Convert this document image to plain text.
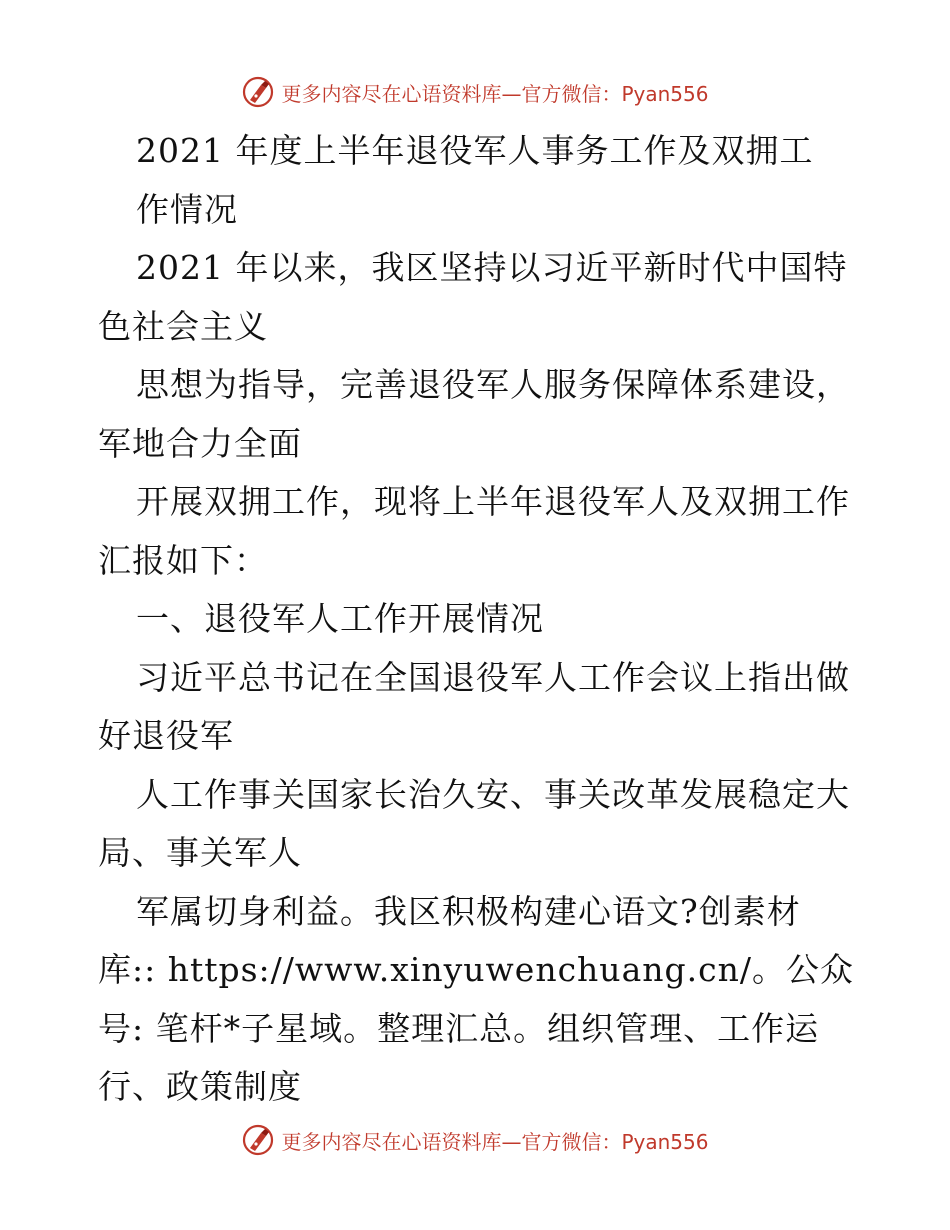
更多内容尽在心语资料库—官方微信：Pyan556
2021 年度上半年退役军人事务工作及双拥工
作情况
2021 年以来，我区坚持以习近平新时代中国特
色社会主义
思想为指导，完善退役军人服务保障体系建设，
军地合力全面
开展双拥工作，现将上半年退役军人及双拥工作
汇报如下：
一、退役军人工作开展情况
习近平总书记在全国退役军人工作会议上指出做
好退役军
人工作事关国家长治久安、事关改革发展稳定大
局、事关军人
军属切身利益。我区积极构建心语文?创素材
库:: https://www.xinyuwenchuang.cn/。公众
号: 笔杆*子星域。整理汇总。组织管理、工作运
行、政策制度
更多内容尽在心语资料库—官方微信：Pyan556
